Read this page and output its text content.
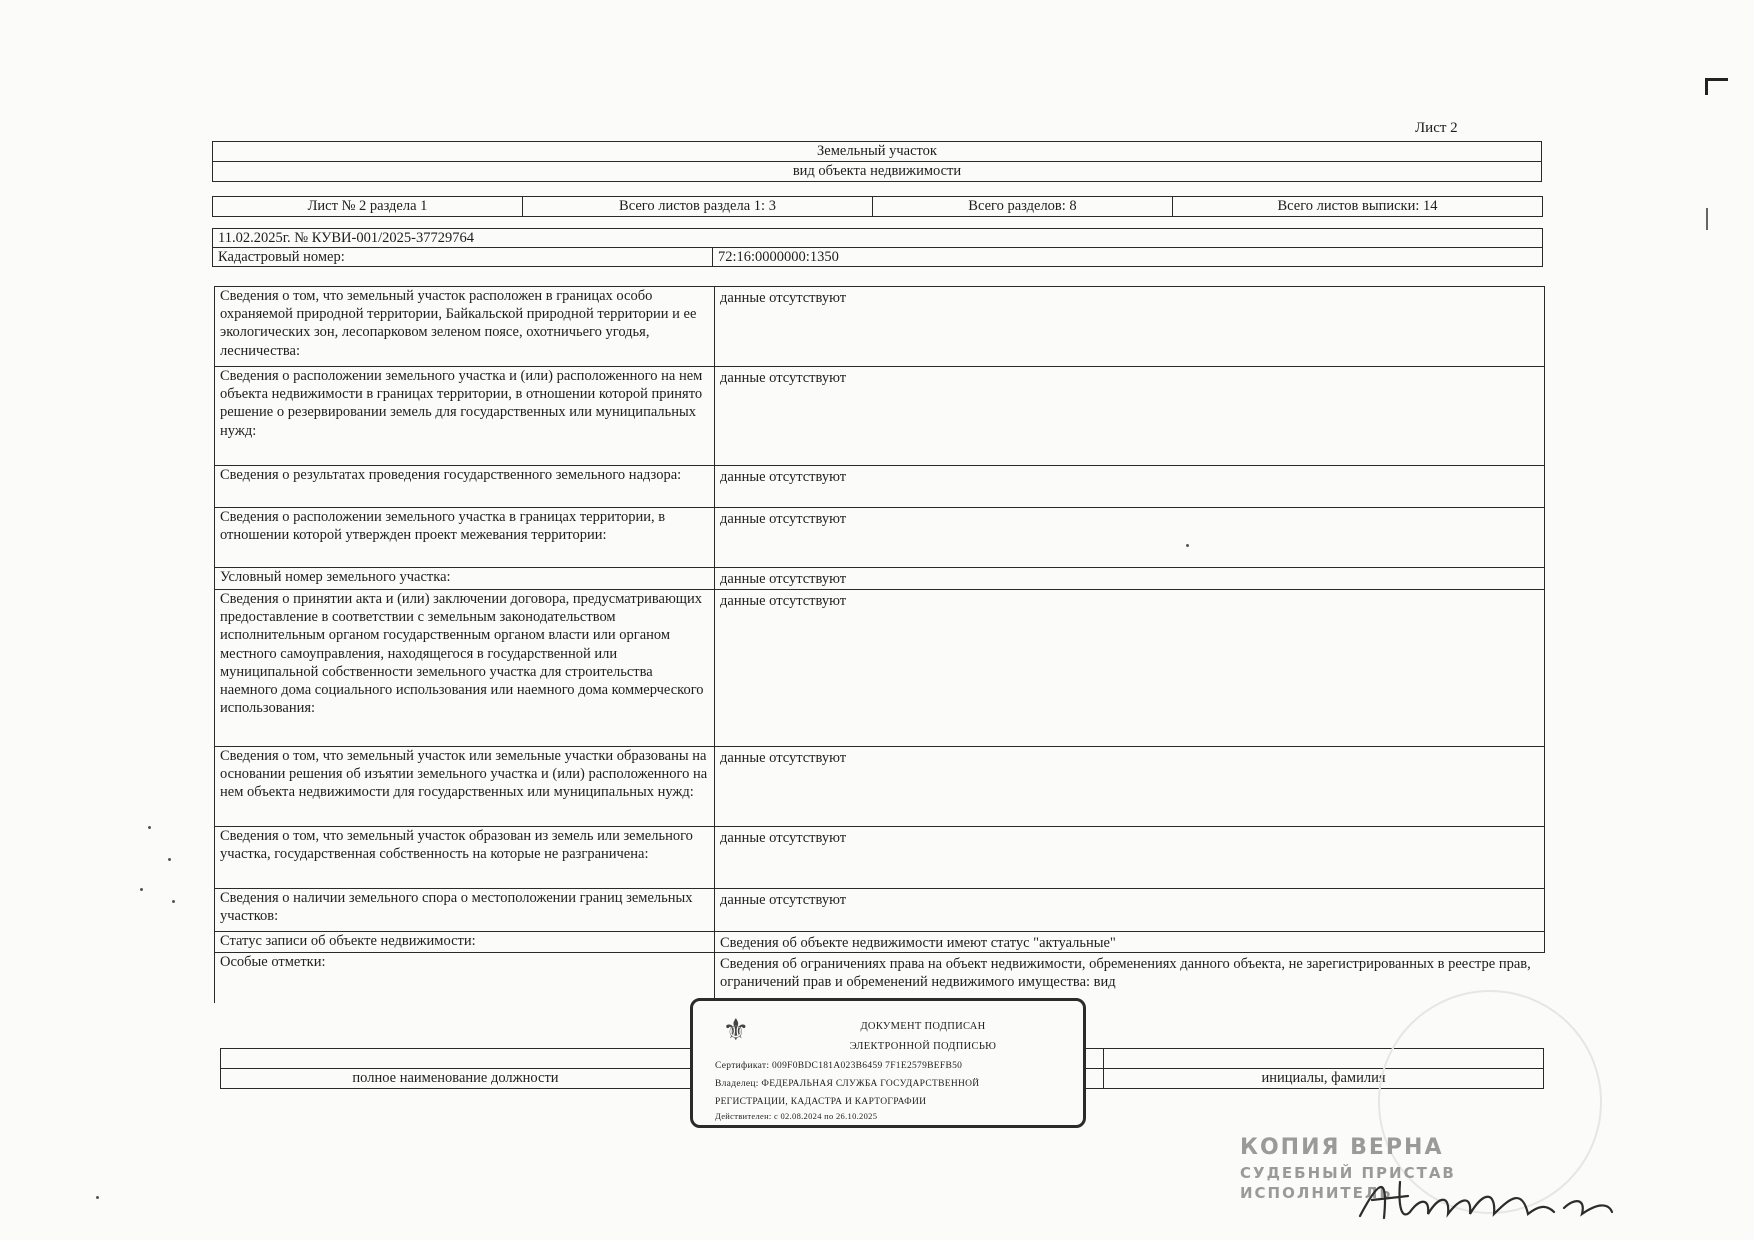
Лист 2
Земельный участок
вид объекта недвижимости
Лист № 2 раздела 1	Всего листов раздела 1: 3	Всего разделов: 8	Всего листов выписки: 14
11.02.2025г. № КУВИ-001/2025-37729764
Кадастровый номер:	72:16:0000000:1350
Сведения о том, что земельный участок расположен в границах особо охраняемой природной территории, Байкальской природной территории и ее экологических зон, лесопарковом зеленом поясе, охотничьего угодья, лесничества:	данные отсутствуют
Сведения о расположении земельного участка и (или) расположенного на нем объекта недвижимости в границах территории, в отношении которой принято решение о резервировании земель для государственных или муниципальных нужд:	данные отсутствуют
Сведения о результатах проведения государственного земельного надзора:	данные отсутствуют
Сведения о расположении земельного участка в границах территории, в отношении которой утвержден проект межевания территории:	данные отсутствуют
Условный номер земельного участка:	данные отсутствуют
Сведения о принятии акта и (или) заключении договора, предусматривающих предоставление в соответствии с земельным законодательством исполнительным органом государственным органом власти или органом местного самоуправления, находящегося в государственной или муниципальной собственности земельного участка для строительства наемного дома социального использования или наемного дома коммерческого использования:	данные отсутствуют
Сведения о том, что земельный участок или земельные участки образованы на основании решения об изъятии земельного участка и (или) расположенного на нем объекта недвижимости для государственных или муниципальных нужд:	данные отсутствуют
Сведения о том, что земельный участок образован из земель или земельного участка, государственная собственность на которые не разграничена:	данные отсутствуют
Сведения о наличии земельного спора о местоположении границ земельных участков:	данные отсутствуют
Статус записи об объекте недвижимости:	Сведения об объекте недвижимости имеют статус "актуальные"
Особые отметки:	Сведения об ограничениях права на объект недвижимости, обременениях данного объекта, не зарегистрированных в реестре прав, ограничений прав и обременений недвижимого имущества: вид

полное наименование должности		инициалы, фамилия
⚜	ДОКУМЕНТ ПОДПИСАН
ЭЛЕКТРОННОЙ ПОДПИСЬЮ
Сертификат: 009F0BDC181A023B6459 7F1E2579BEFB50
Владелец: ФЕДЕРАЛЬНАЯ СЛУЖБА ГОСУДАРСТВЕННОЙ
РЕГИСТРАЦИИ, КАДАСТРА И КАРТОГРАФИИ
Действителен: с 02.08.2024 по 26.10.2025
КОПИЯ ВЕРНА
СУДЕБНЫЙ ПРИСТАВ
ИСПОЛНИТЕЛЬ
